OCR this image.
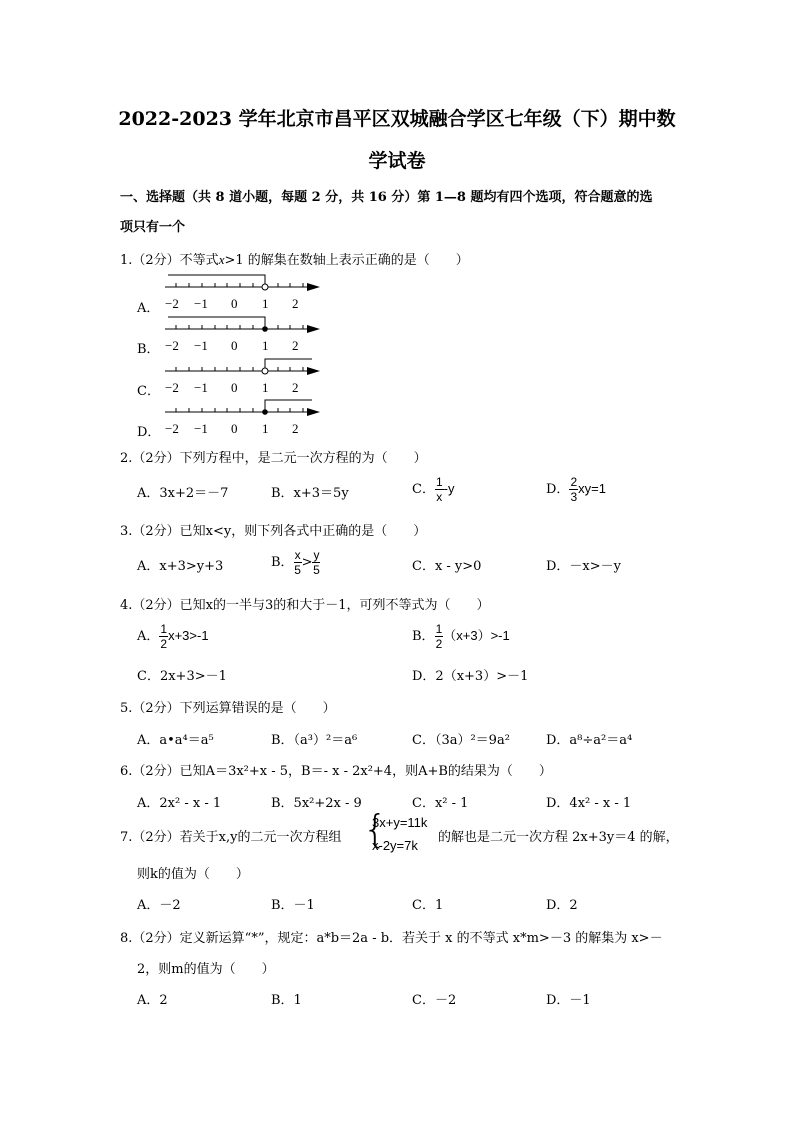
2022-2023 学年北京市昌平区双城融合学区七年级（下）期中数
学试卷
一、选择题（共 8 道小题，每题 2 分，共 16 分）第 1—8 题均有四个选项，符合题意的选
项只有一个
1.（2分）不等式x>1 的解集在数轴上表示正确的是（　　）
A．
B．
C．
D．
−2 −1 0 1 2
−2 −1 0 1 2
−2 −1 0 1 2
−2 −1 0 1 2
2.（2分）下列方程中，是二元一次方程的为（　　）
A．3x+2＝－7	B．x+3＝5y	C． $\frac{1}{x} -y$	D． $\frac{2}{3} xy=1$
3.（2分）已知x<y，则下列各式中正确的是（　　）
A．x+3>y+3	B． $\frac{x}{5} > \frac{y}{5}$	C．x - y>0	D．－x>－y
4.（2分）已知x的一半与3的和大于－1，可列不等式为（　　）
A． $\frac{1}{2} x+3>-1$	B． $\frac{1}{2} (x+3)>-1$
C．2x+3>－1	D．2（x+3）>－1
5.（2分）下列运算错误的是（　　）
A．a•a⁴＝a⁵	B．（a³）²＝a⁶	C．（3a）²＝9a²	D．a⁸÷a²＝a⁴
6.（2分）已知A＝3x²+x - 5，B＝- x - 2x²+4，则A+B的结果为（　　）
A．2x² - x - 1	B．5x²+2x - 9	C．x² - 1	D．4x² - x - 1
7.（2分）若关于x,y的二元一次方程组 {
3x+y=11k
x-2y=7k
的解也是二元一次方程 2x+3y＝4 的解，
则k的值为（　　）
A．－2	B．－1	C．1	D．2
8.（2分）定义新运算“*”，规定：a*b＝2a - b．若关于 x 的不等式 x*m>－3 的解集为 x>－
2，则m的值为（　　）
A．2	B．1	C．－2	D．－1
